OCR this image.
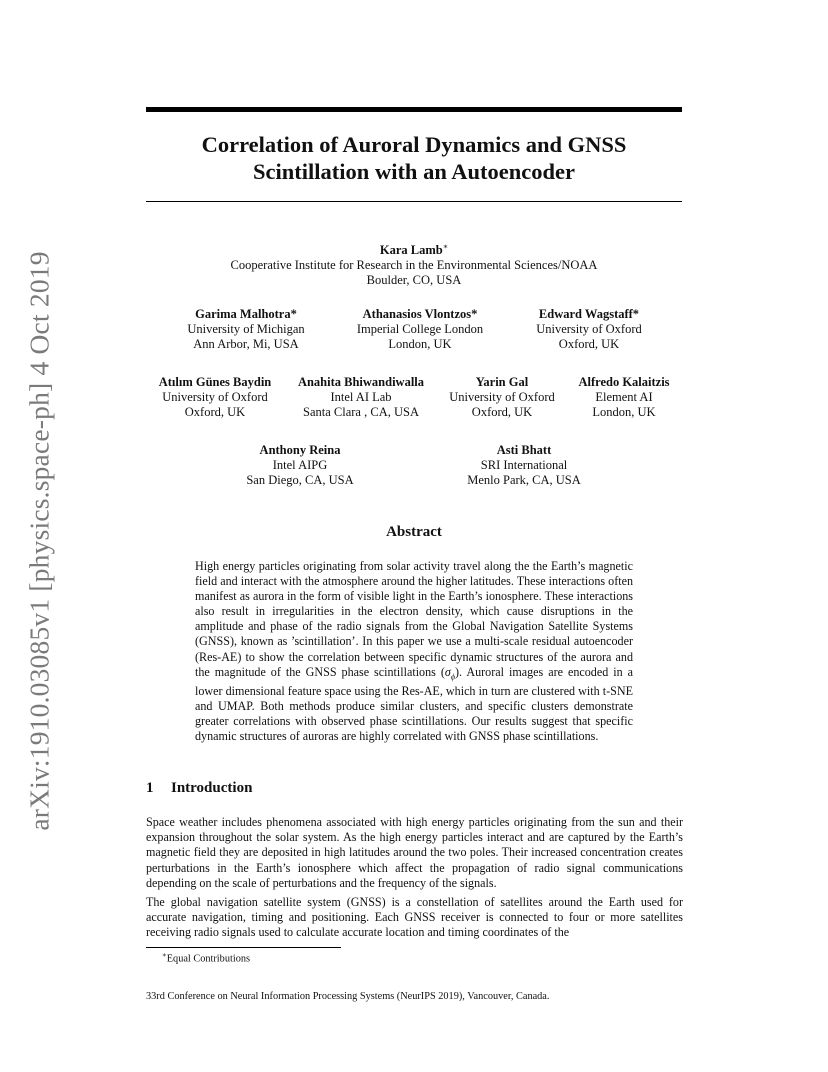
arXiv:1910.03085v1 [physics.space-ph] 4 Oct 2019
Correlation of Auroral Dynamics and GNSS
Scintillation with an Autoencoder
Kara Lamb∗
Cooperative Institute for Research in the Environmental Sciences/NOAA
Boulder, CO, USA
Garima Malhotra*
University of Michigan
Ann Arbor, Mi, USA
Athanasios Vlontzos*
Imperial College London
London, UK
Edward Wagstaff*
University of Oxford
Oxford, UK
Atılım Günes Baydin
University of Oxford
Oxford, UK
Anahita Bhiwandiwalla
Intel AI Lab
Santa Clara , CA, USA
Yarin Gal
University of Oxford
Oxford, UK
Alfredo Kalaitzis
Element AI
London, UK
Anthony Reina
Intel AIPG
San Diego, CA, USA
Asti Bhatt
SRI International
Menlo Park, CA, USA
Abstract

High energy particles originating from solar activity travel along the the Earth’s magnetic field and interact with the atmosphere around the higher latitudes. These interactions often manifest as aurora in the form of visible light in the Earth’s ionosphere. These interactions also result in irregularities in the electron density, which cause disruptions in the amplitude and phase of the radio signals from the Global Navigation Satellite Systems (GNSS), known as ’scintillation’. In this paper we use a multi-scale residual autoencoder (Res-AE) to show the correlation between specific dynamic structures of the aurora and the magnitude of the GNSS phase scintillations $(\sigma_\phi)$. Auroral images are encoded in a lower dimensional feature space using the Res-AE, which in turn are clustered with t-SNE and UMAP. Both methods produce similar clusters, and specific clusters demonstrate greater correlations with observed phase scintillations. Our results suggest that specific dynamic structures of auroras are highly correlated with GNSS phase scintillations.

1 Introduction

Space weather includes phenomena associated with high energy particles originating from the sun and their expansion throughout the solar system. As the high energy particles interact and are captured by the Earth’s magnetic field they are deposited in high latitudes around the two poles. Their increased concentration creates perturbations in the Earth’s ionosphere which affect the propagation of radio signal communications depending on the scale of perturbations and the frequency of the signals.

The global navigation satellite system (GNSS) is a constellation of satellites around the Earth used for accurate navigation, timing and positioning. Each GNSS receiver is connected to four or more satellites receiving radio signals used to calculate accurate location and timing coordinates of the

∗Equal Contributions

33rd Conference on Neural Information Processing Systems (NeurIPS 2019), Vancouver, Canada.
